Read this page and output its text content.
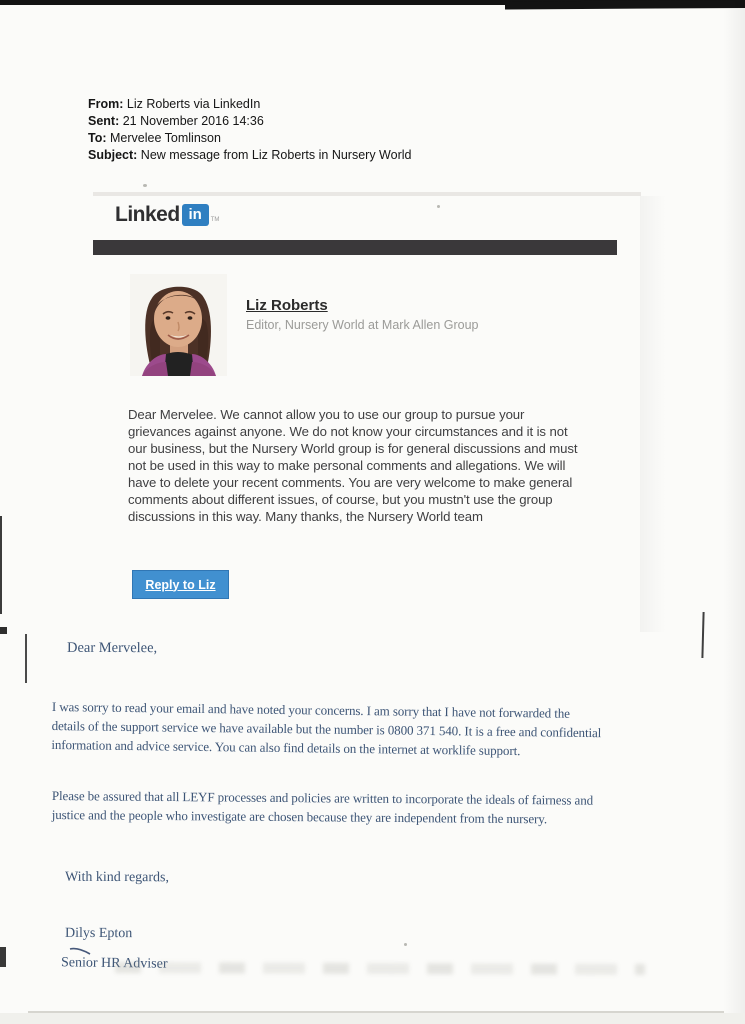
From: Liz Roberts via LinkedIn
Sent: 21 November 2016 14:36
To: Mervelee Tomlinson
Subject: New message from Liz Roberts in Nursery World
Linked in	TM
Liz Roberts
Editor, Nursery World at Mark Allen Group
Dear Mervelee. We cannot allow you to use our group to pursue your
grievances against anyone. We do not know your circumstances and it is not
our business, but the Nursery World group is for general discussions and must
not be used in this way to make personal comments and allegations. We will
have to delete your recent comments. You are very welcome to make general
comments about different issues, of course, but you mustn't use the group
discussions in this way. Many thanks, the Nursery World team
Reply to Liz
Dear Mervelee,
I was sorry to read your email and have noted your concerns. I am sorry that I have not forwarded the
details of the support service we have available but the number is 0800 371 540. It is a free and confidential
information and advice service. You can also find details on the internet at worklife support.
Please be assured that all LEYF processes and policies are written to incorporate the ideals of fairness and
justice and the people who investigate are chosen because they are independent from the nursery.
With kind regards,
Dilys Epton
Senior HR Adviser
